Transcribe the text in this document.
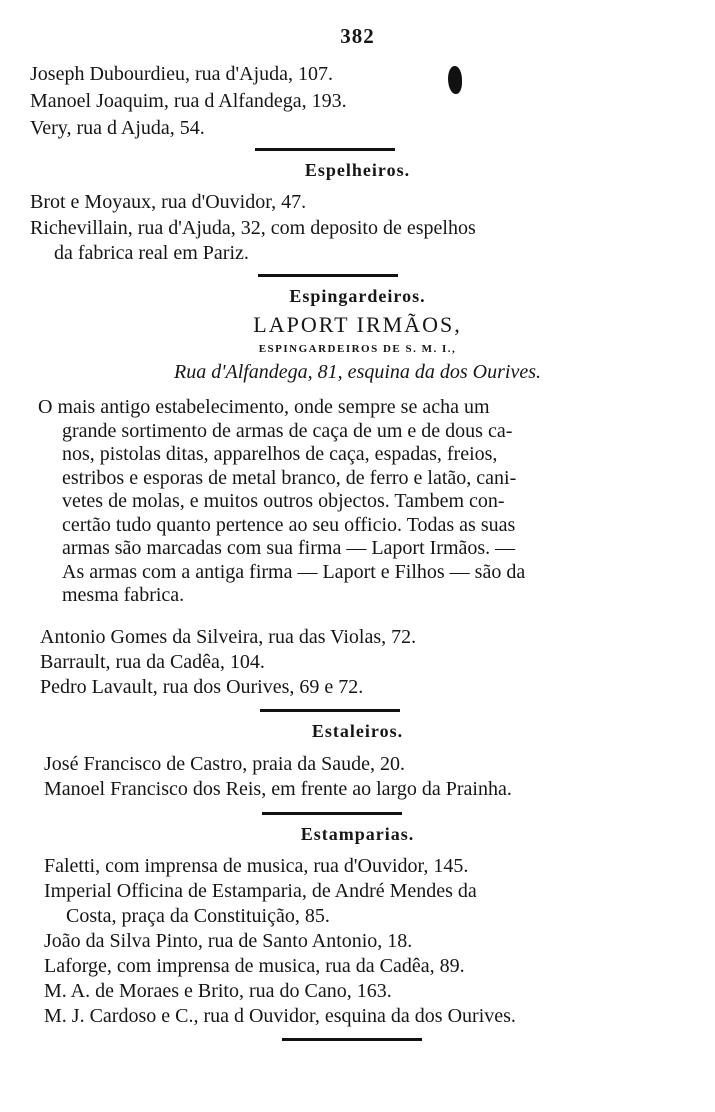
382
Joseph Dubourdieu, rua d'Ajuda, 107.
Manoel Joaquim, rua d Alfandega, 193.
Very, rua d Ajuda, 54.
Espelheiros.
Brot e Moyaux, rua d'Ouvidor, 47.
Richevillain, rua d'Ajuda, 32, com deposito de espelhos
da fabrica real em Pariz.
Espingardeiros.
LAPORT IRMÃOS,
ESPINGARDEIROS DE S. M. I.,
Rua d'Alfandega, 81, esquina da dos Ourives.
O mais antigo estabelecimento, onde sempre se acha um
grande sortimento de armas de caça de um e de dous ca-
nos, pistolas ditas, apparelhos de caça, espadas, freios,
estribos e esporas de metal branco, de ferro e latão, cani-
vetes de molas, e muitos outros objectos. Tambem con-
certão tudo quanto pertence ao seu officio. Todas as suas
armas são marcadas com sua firma — Laport Irmãos. —
As armas com a antiga firma — Laport e Filhos — são da
mesma fabrica.
Antonio Gomes da Silveira, rua das Violas, 72.
Barrault, rua da Cadêa, 104.
Pedro Lavault, rua dos Ourives, 69 e 72.
Estaleiros.
José Francisco de Castro, praia da Saude, 20.
Manoel Francisco dos Reis, em frente ao largo da Prainha.
Estamparias.
Faletti, com imprensa de musica, rua d'Ouvidor, 145.
Imperial Officina de Estamparia, de André Mendes da
Costa, praça da Constituição, 85.
João da Silva Pinto, rua de Santo Antonio, 18.
Laforge, com imprensa de musica, rua da Cadêa, 89.
M. A. de Moraes e Brito, rua do Cano, 163.
M. J. Cardoso e C., rua d Ouvidor, esquina da dos Ourives.
